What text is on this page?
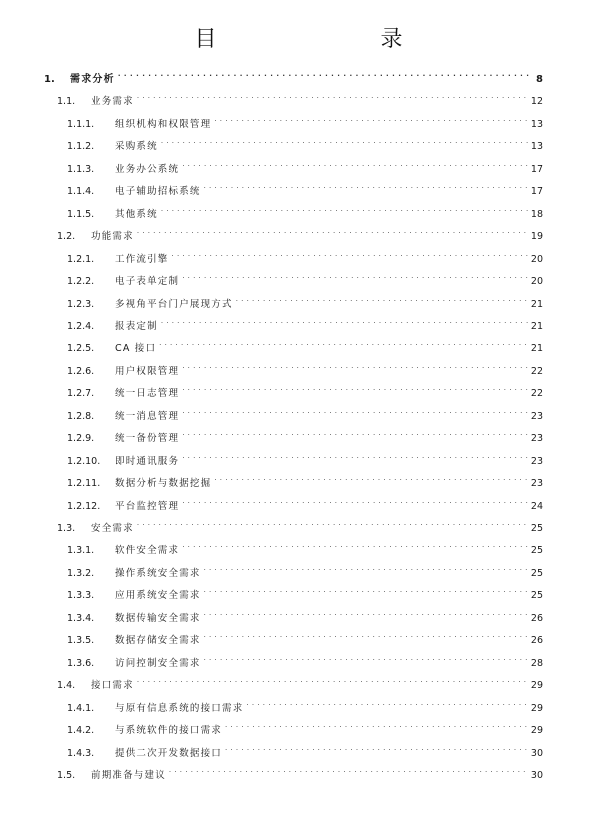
目　　录
1.	需求分析 . . .	8
1.1.	业务需求 . . .	12
1.1.1.	组织机构和权限管理 . . .	13
1.1.2.	采购系统 . . .	13
1.1.3.	业务办公系统 . . .	17
1.1.4.	电子辅助招标系统 . . .	17
1.1.5.	其他系统 . . .	18
1.2.	功能需求 . . .	19
1.2.1.	工作流引擎 . . .	20
1.2.2.	电子表单定制 . . .	20
1.2.3.	多视角平台门户展现方式 . . .	21
1.2.4.	报表定制 . . .	21
1.2.5.	CA 接口 . . .	21
1.2.6.	用户权限管理 . . .	22
1.2.7.	统一日志管理 . . .	22
1.2.8.	统一消息管理 . . .	23
1.2.9.	统一备份管理 . . .	23
1.2.10.	即时通讯服务 . . .	23
1.2.11.	数据分析与数据挖掘 . . .	23
1.2.12.	平台监控管理 . . .	24
1.3.	安全需求 . . .	25
1.3.1.	软件安全需求 . . .	25
1.3.2.	操作系统安全需求 . . .	25
1.3.3.	应用系统安全需求 . . .	25
1.3.4.	数据传输安全需求 . . .	26
1.3.5.	数据存储安全需求 . . .	26
1.3.6.	访问控制安全需求 . . .	28
1.4.	接口需求 . . .	29
1.4.1.	与原有信息系统的接口需求 . . .	29
1.4.2.	与系统软件的接口需求 . . .	29
1.4.3.	提供二次开发数据接口 . . .	30
1.5.	前期准备与建议 . . .	30
